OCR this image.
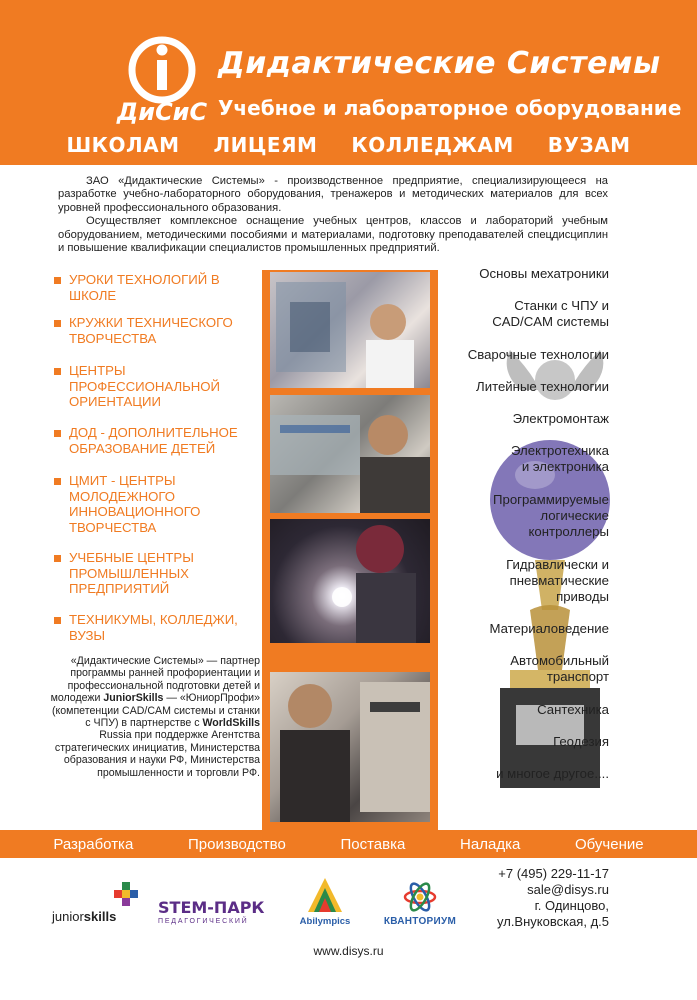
ДиСиС
Дидактические Системы
Учебное и лабораторное оборудование
ШКОЛАМ ЛИЦЕЯМ КОЛЛЕДЖАМ ВУЗАМ

ЗАО «Дидактические Системы» - производственное предприятие, специализирующееся на разработке учебно-лабораторного оборудования, тренажеров и методических материалов для всех уровней профессионального образования.

Осуществляет комплексное оснащение учебных центров, классов и лабораторий учебным оборудованием, методическими пособиями и материалами, подготовку преподавателей спецдисциплин и повышение квалификации специалистов промышленных предприятий.

УРОКИ ТЕХНОЛОГИЙ В ШКОЛЕ
КРУЖКИ ТЕХНИЧЕСКОГО ТВОРЧЕСТВА
ЦЕНТРЫ ПРОФЕССИОНАЛЬНОЙ ОРИЕНТАЦИИ
ДОД - ДОПОЛНИТЕЛЬНОЕ ОБРАЗОВАНИЕ ДЕТЕЙ
ЦМИТ - ЦЕНТРЫ МОЛОДЕЖНОГО ИННОВАЦИОННОГО ТВОРЧЕСТВА
УЧЕБНЫЕ ЦЕНТРЫ ПРОМЫШЛЕННЫХ ПРЕДПРИЯТИЙ
ТЕХНИКУМЫ, КОЛЛЕДЖИ, ВУЗЫ
«Дидактические Системы» — партнер программы ранней профориентации и профессиональной подготовки детей и молодежи JuniorSkills — «ЮниорПрофи» (компетенции CAD/CAM системы и станки с ЧПУ) в партнерстве с WorldSkills Russia при поддержке Агентства стратегических инициатив, Министерства образования и науки РФ, Министерства промышленности и торговли РФ.
Основы мехатроники
Станки с ЧПУ и
CAD/CAM системы
Сварочные технологии
Литейные технологии
Электромонтаж
Электротехника
и электроника
Программируемые
логические
контроллеры
Гидравлически и
пневматические
приводы
Материаловедение
Автомобильный
транспорт
Сантехника
Геодезия
и многое другое....
Разработка	Производство	Поставка	Наладка	Обучение
juniorskills	STEM-ПАРК
ПЕДАГОГИЧЕСКИЙ	Abilympics	КВАНТОРИУМ
+7 (495) 229-11-17
sale@disys.ru
г. Одинцово,
ул.Внуковская, д.5
www.disys.ru
